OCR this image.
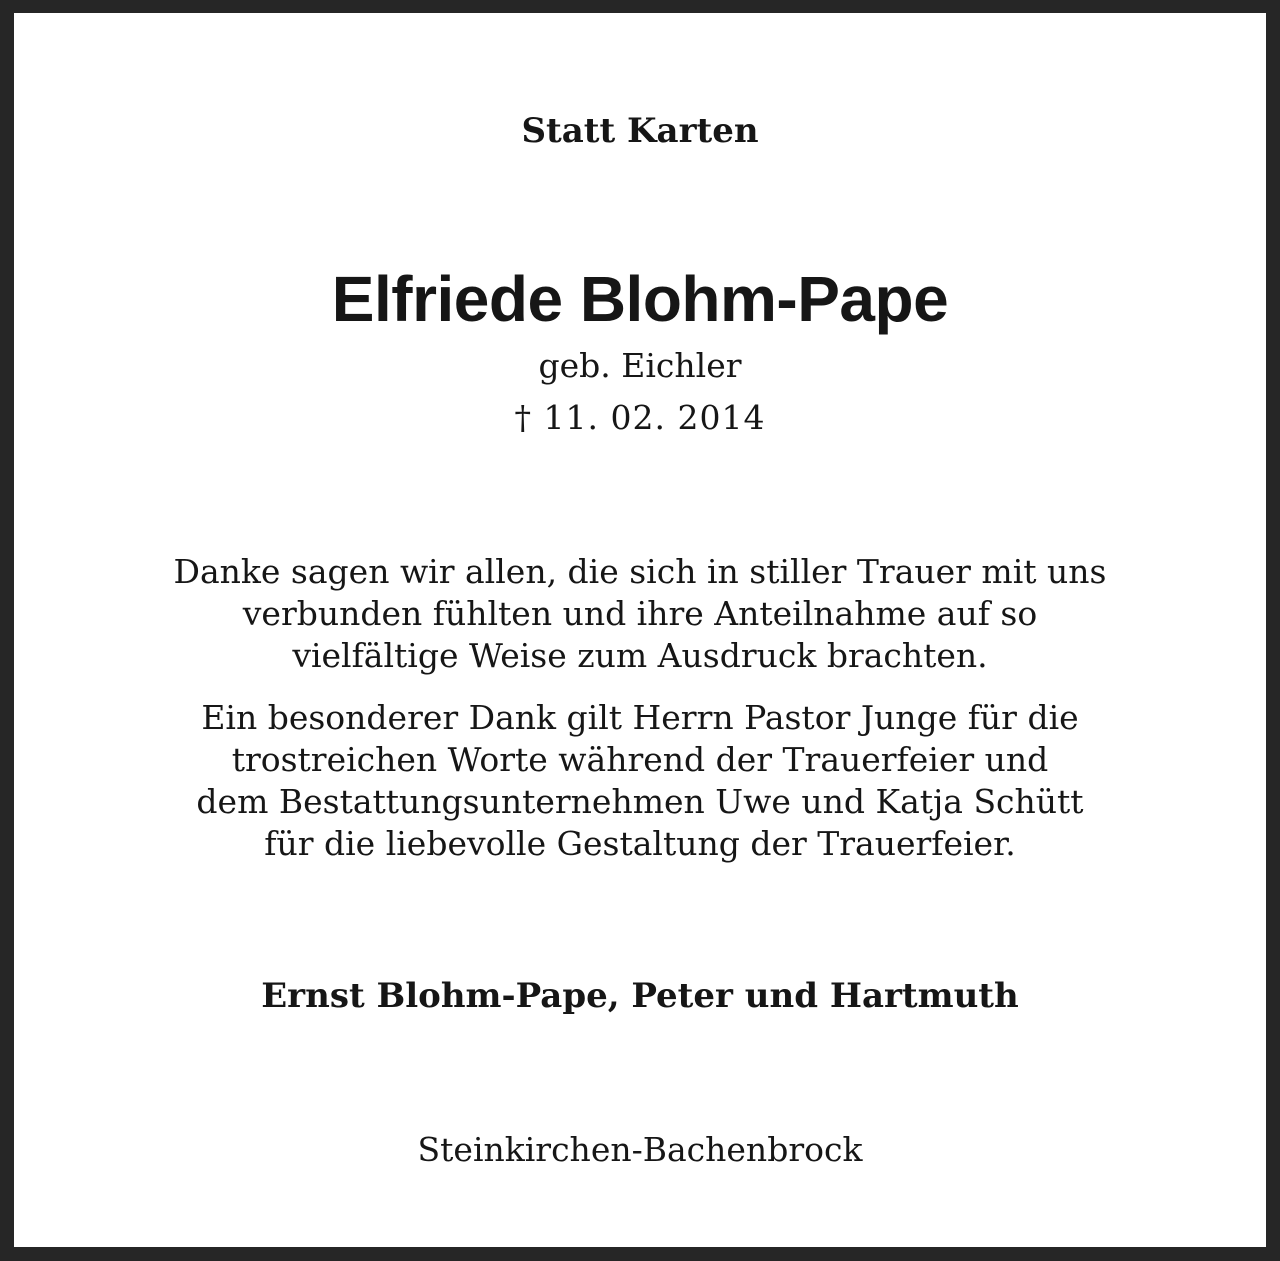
Statt Karten
Elfriede Blohm-Pape
geb. Eichler
† 11. 02. 2014
Danke sagen wir allen, die sich in stiller Trauer mit uns
verbunden fühlten und ihre Anteilnahme auf so
vielfältige Weise zum Ausdruck brachten.
Ein besonderer Dank gilt Herrn Pastor Junge für die
trostreichen Worte während der Trauerfeier und
dem Bestattungsunternehmen Uwe und Katja Schütt
für die liebevolle Gestaltung der Trauerfeier.
Ernst Blohm-Pape, Peter und Hartmuth
Steinkirchen-Bachenbrock
